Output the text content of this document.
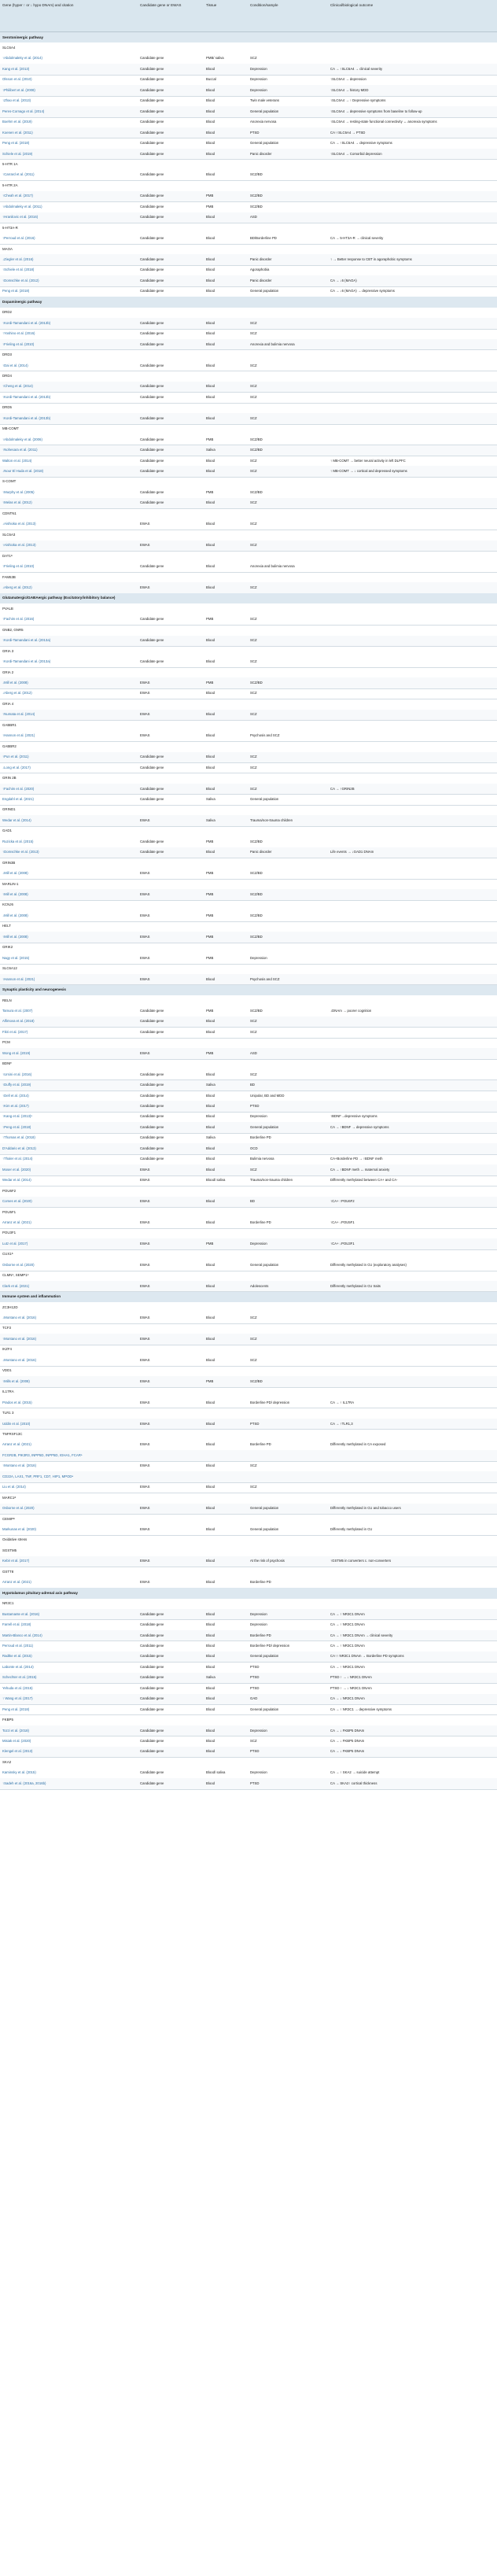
Gene (hyper ↑ or ↓ hypo DNAm) and citation	Candidate gene or EWAS	Tissue	Condition/sample	Clinical/biological outcome
Serotoninergic pathway
SLC6A4
↑Abdolmaleky et al. (2014)	Candidate gene	PMB/ saliva	SCZ
Kang et al. (2013)	Candidate gene	Blood	Depression	CA → ↑SLC6A4 → clinical severity
Olsson et al. (2010)	Candidate gene	Buccal	Depression	↑SLC6A4 → depression
↑Philibert et al. (2008)	Candidate gene	Blood	Depression	↑SLC6A4 → history MDD
↑Zhao et al. (2013)	Candidate gene	Blood	Twin male veterans	↑SLC6A4 → ↑ Depressive symptoms
Peres-Cornago et al. (2014)	Candidate gene	Blood	General population	↑SLC6A4 → depressive symptoms from baseline to follow-up
Boehm et al. (2019)	Candidate gene	Blood	Anorexia nervosa	↑SLC6A4 → resting-state functional connectivity ↔ anorexia symptoms
Koenen et al. (2011)	Candidate gene	Blood	PTSD	CA↑↑SLC6A4 → PTSD
Peng et al. (2018)	Candidate gene	Blood	General population	CA → ↑SLC6A4 → depressive symptoms
Schiele et al. (2019)	Candidate gene	Blood	Panic disorder	↑SLC6A4 → Comorbid depression
5-HTR 1A
↑Carrard et al. (2011)	Candidate gene	Blood	SCZ/BD
5-HTR 2A
↑Cheah et al. (2017)	Candidate gene	PMB	SCZ/BD
↑Abdolmaleky et al. (2011)	Candidate gene	PMB	SCZ/BD
↑Hranilovic et al. (2016)	Candidate gene	Blood	ASD
5-HT3A-R
↑Perroud et al. (2016)	Candidate gene	Blood	BD/Borderline PD	CA → 5-HT3A-R → clinical severity
MAOA
↓Ziegler et al. (2016)	Candidate gene	Blood	Panic disorder	↑ → Better response to CBT in agoraphobic symptoms
↑Schiele et al. (2018)	Candidate gene	Blood	Agoraphobia
↑Domschke et al. (2012)	Candidate gene	Blood	Panic disorder	CA → ↓6 (MAOA)
Peng et al. (2018)	Candidate gene	Blood	General population	CA → ↓6 (MAOA) → depressive symptoms
Dopaminergic pathway
DRD2
↑Kordi-Tamandani et al. (2013b)	Candidate gene	Blood	SCZ
↑Yoshino et al. (2016)	Candidate gene	Blood	SCZ
↑Frieling et al. (2010)	Candidate gene	Blood	Anorexia and bulimia nervosa
DRD3
↑Dai et al. (2014)	Candidate gene	Blood	SCZ
DRD4
↑Cheng et al. (2014)	Candidate gene	Blood	SCZ
↑Kordi-Tamandani et al. (2013b)	Candidate gene	Blood	SCZ
DRD5
↑Kordi-Tamandani et al. (2013b)	Candidate gene	Blood	SCZ
MB-COMT
↑Abdolmaleky et al. (2006)	Candidate gene	PMB	SCZ/BD
↑Nohesara et al. (2011)	Candidate gene	Saliva	SCZ/BD
Walton et al. (2014)	Candidate gene	Blood	SCZ	↑ MB-COMT → better neural activity in left DLPFC
↓Nour El Huda et al. (2018)	Candidate gene	Blood	SCZ	↑ MB-COMT → ↓ cortical and depressed symptoms
S-COMT
↑Murphy et al. (2005)	Candidate gene	PMB	SCZ/BD
↑Melas et al. (2012)	Candidate gene	Blood	SCZ
CDNTN1
↓Aishioka et al. (2013)	EWAS	Blood	SCZ
SLC6A3
↑Aishioka et al. (2013)	EWAS	Blood	SCZ
DAT1ᵃ
↑Frieling et al. (2010)	Candidate gene	Blood	Anorexia and bulimia nervosa
FAM63B
↓Aberg et al. (2012)	EWAS	Blood	SCZ
Glutamatergic/GABAergic pathway (Excitatory/inhibitory balance)
PVALB
↑Fachim et al. (2016)	Candidate gene	PMB	SCZ
GNB2, GNR5
↑Kordi-Tamandani et al. (2013a)	Candidate gene	Blood	SCZ
GRIA 3
↑Kordi-Tamandani et al. (2013a)	Candidate gene	Blood	SCZ
GRIA 2
↓Mill et al. (2008)	EWAS	PMB	SCZ/BD
↓Aberg et al. (2012)	EWAS	Blood	SCZ
GRIA 4
↑Numata et al. (2014)	EWAS	Blood	SCZ
GABBR1
↑Hannon et al. (2021)	EWAS	Blood	Psychosis and SCZ
GABBR2
↑Pun et al. (2011)	Candidate gene	Blood	SCZ
↓Long et al. (2017)	Candidate gene	Blood	SCZ
GRIN 2B
↑Fachim et al. (2020)	Candidate gene	Blood	SCZ	CA → ↑GRIN2B
Engdahl et al. (2021)	Candidate gene	Saliva	General population
GRIND1
Wedar et al. (2014)	EWAS	Saliva	Trauma/non-trauma children
GAD1
Ruzicka et al. (2015)	Candidate gene	PMB	SCZ/BD
↑Domschke et al. (2013)	Candidate gene	Blood	Panic disorder	Life events → ↓GAD1 DNAm
GRIN3B
↓Mill et al. (2008)	EWAS	PMB	SCZ/BD
MARLIN-1
↑Mill et al. (2008)	EWAS	PMB	SCZ/BD
KCNJ6
↓Mill et al. (2008)	EWAS	PMB	SCZ/BD
HELT
↑Mill et al. (2008)	EWAS	PMB	SCZ/BD
GRIK2
Nagy et al. (2015)	EWAS	PMB	Depression
SLC6A12
↑Hannon et al. (2021)	EWAS	Blood	Psychosis and SCZ
Synaptic plasticity and neurogenesis
RELN
Tamura et al. (2007)	Candidate gene	PMB	SCZ/BD	↓DNAm → poorer cognition
Alfimova et al. (2018)	Candidate gene	Blood	SCZ
Fikri et al. (2017)	Candidate gene	Blood	SCZ
PCM
Wong et al. (2019)	EWAS	PMB	ASD
BDNF
↑Ursini et al. (2016)	Candidate gene	Blood	SCZ
↑Duffy et al. (2019)	Candidate gene	Saliva	BD
↑Dell et al. (2014)	Candidate gene	Blood	Unipolar, BD and MDD
↑Kim et al. (2017)	Candidate gene	Blood	PTSD
↑Kang et al. (2013)ᵃ	Candidate gene	Blood	Depression	↑BDNF→depressive symptoms
↑Peng et al. (2018)	Candidate gene	Blood	General population	CA → ↑BDNF → depressive symptoms
↑Thomas et al. (2018)	Candidate gene	Saliva	Borderline PD
D'Addario et al. (2013)	Candidate gene	Blood	OCD
↑Thaler et al. (2014)	Candidate gene	Blood	Bulimia nervosa	CA+Borderline PD → ↑BDNF meth
Moser et al. (2020)	EWAS	Blood	SCZ	CA → ↑BDNF meth ↔ maternal anxiety
Wedar et al. (2014)	EWAS	Blood/ saliva	Trauma/non-trauma children	Differently methylated between CA+ and CA-
POU6F2
Comes et al. (2020)	EWAS	Blood	BD	↑CA+ ↑POU6F2
POU5F1
Arranz et al. (2021)	EWAS	Blood	Borderline PD	↑CA+ ↓POU5F1
POU3F1
Lutz et al. (2017)	EWAS	PMB	Depression	↑CA+ ↓POU3F1
CUX1ᵃ
Osborne et al. (2020)	EWAS	Blood	General population	Differently methylated in CU (exploratory analyses)
CLMN⁹, SEMP1⁹
Clark et al. (2021)	EWAS	Blood	Adolescents	Differently methylated in CU traits
Immune system and inflammation
ZC3H12D
↓Montano et al. (2016)	EWAS	Blood	SCZ
TCF3
↑Montano et al. (2016)	EWAS	Blood	SCZ
IKZF4
↓Montano et al. (2016)	EWAS	Blood	SCZ
VDD1
↑Mills et al. (2008)	EWAS	PMB	SCZ/BD
IL17RA
Prados et al. (2015)	EWAS	Blood	Borderline PD/ depression	CA → ↑ IL17RA
TLR1 3
Uddin et al. (2010)	EWAS	Blood	PTSD	CA → ↑TLR1,3
TNFRSF13C
Arranz et al. (2021)	EWAS	Blood	Borderline PD	Differently methylated in CA exposed
FCGR2B, PIK3R3, INPP5D, INPP5D, IGHA1, FCARᵃ
↑Montano et al. (2016)	EWAS	Blood	SCZ
CD22A, LAX1, TNF, PRF1, CD7, HIP1, MPODᵃ
Liu et al. (2014)	EWAS	Blood	SCZ
MARC1ᵃ
Osborne et al. (2020)	EWAS	Blood	General population	Differently methylated in CU and tobacco users
CEMIPᵃ
Markunas et al. (2020)	EWAS	Blood	General population	Differently methylated in CU
Oxidative stress
SGSTM5
Kebir et al. (2017)	EWAS	Blood	At the risk of psychosis	↑GSTM5 in converters c. non-converters
GSTT8
Arranz et al. (2021)	EWAS	Blood	Borderline PD
Hypotalamus pituitary-adrenal axis pathway
NR3C1
Bustamante et al. (2016)	Candidate gene	Blood	Depression	CA → ↑ NR3C1 DNAm
Farrell et al. (2018)	Candidate gene	Blood	Depression	CA → ↑ NR3C1 DNAm
Martin-Blanco et al. (2014)	Candidate gene	Blood	Borderline PD	CA → ↑ NR3C1 DNAm → clinical severity
Perroud et al. (2011)	Candidate gene	Blood	Borderline PD/ depression	CA → ↑ NR3C1 DNAm
Radtke et al. (2015)	Candidate gene	Blood	General population	CA↑↑ NR3C1 DNAm → Borderline PD symptoms
Labonte et al. (2014)	Candidate gene	Blood	PTSD	CA → ↑ NR3C1 DNAm
Schechter et al. (2015)	Candidate gene	Saliva	PTSD	PTSD ↑ → ↓ NR3C1 DNAm
Yehuda et al. (2015)	Candidate gene	Blood	PTSD	PTSD ↑ → ↓ NR3C1 DNAm
↑ Wang et al. (2017)	Candidate gene	Blood	GAD	CA → ↓ NR3C1 DNAm
Peng et al. (2018)	Candidate gene	Blood	General population	CA → ↑ NR3C1 → depressive symptoms
FKBP5
Tozzi et al. (2018)	Candidate gene	Blood	Depression	CA → ↓ FKBP5 DNAm
Misiak et al. (2020)	Candidate gene	Blood	SCZ	CA → ↓ FKBP5 DNAm
Klengel et al. (2013)	Candidate gene	Blood	PTSD	CA → ↓ FKBP5 DNAm
SKA2
Kaminsky et al. (2015)	Candidate gene	Blood/ saliva	Depression	CA → ↑ SKA2 → suicide attempt
↑Sadeh et al. (2016a, 2016b)	Candidate gene	Blood	PTSD	CA → SKA2↑ cortical thickness
